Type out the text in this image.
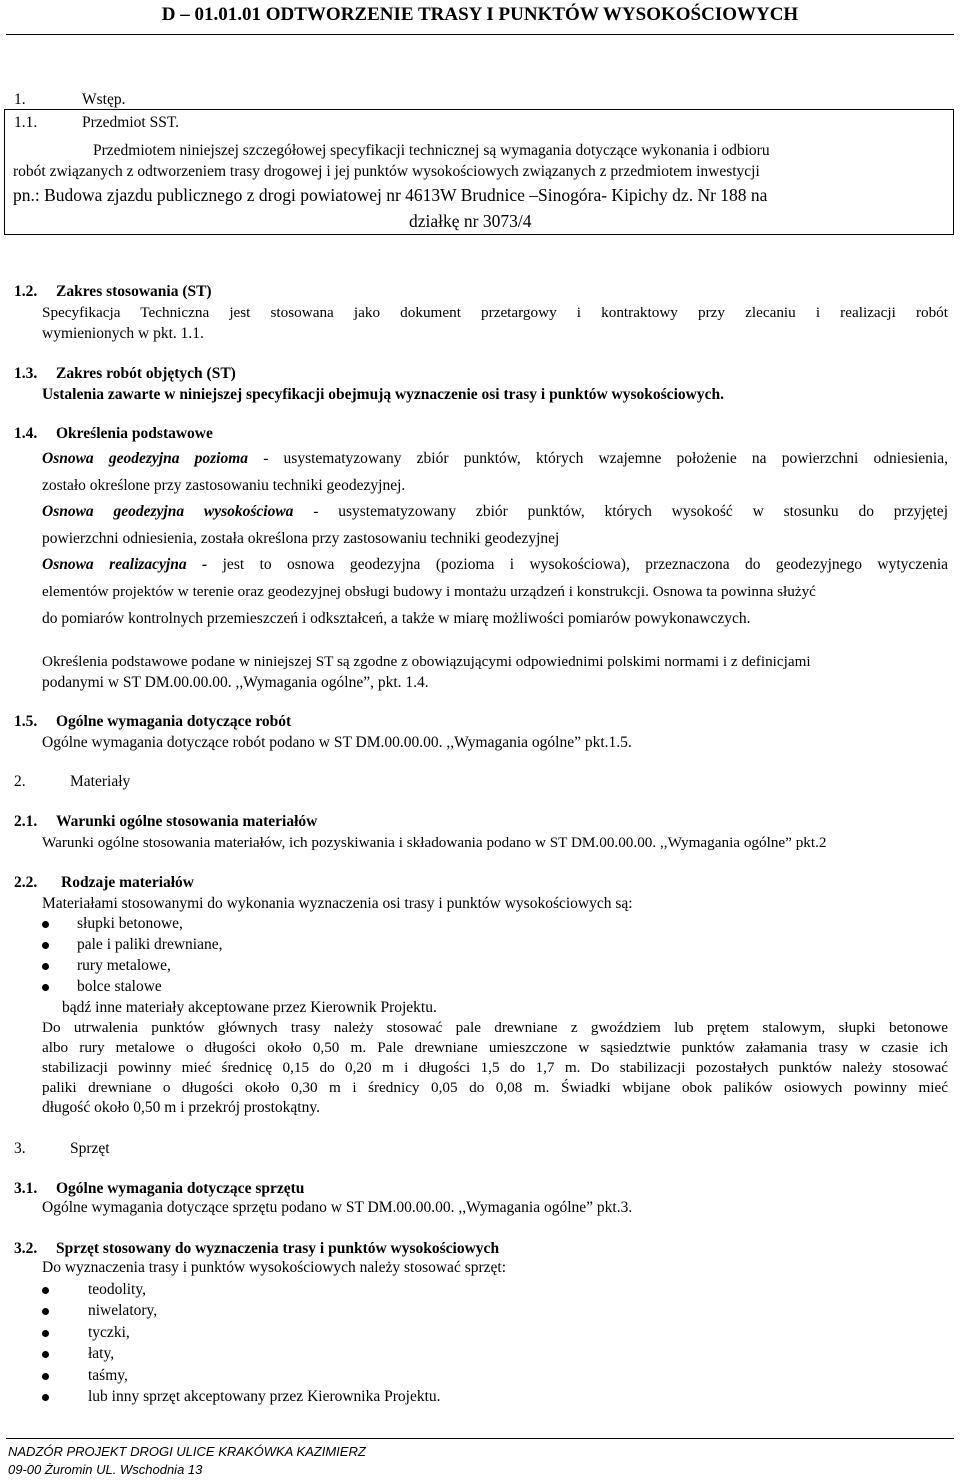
D – 01.01.01 ODTWORZENIE TRASY I PUNKTÓW WYSOKOŚCIOWYCH
1.	Wstęp.
1.1.	Przedmiot SST.
Przedmiotem niniejszej szczegółowej specyfikacji technicznej są wymagania dotyczące wykonania i odbioru
robót związanych z odtworzeniem trasy drogowej i jej punktów wysokościowych związanych z przedmiotem inwestycji
pn.: Budowa zjazdu publicznego z drogi powiatowej nr 4613W Brudnice –Sinogóra- Kipichy dz. Nr 188 na
działkę nr 3073/4
1.2. Zakres stosowania (ST)
Specyfikacja Techniczna jest stosowana jako dokument przetargowy i kontraktowy przy zlecaniu i realizacji robót
wymienionych w pkt. 1.1.
1.3. Zakres robót objętych (ST)
Ustalenia zawarte w niniejszej specyfikacji obejmują wyznaczenie osi trasy i punktów wysokościowych.
1.4. Określenia podstawowe
Osnowa geodezyjna pozioma - usystematyzowany zbiór punktów, których wzajemne położenie na powierzchni odniesienia,
zostało określone przy zastosowaniu techniki geodezyjnej.
Osnowa geodezyjna wysokościowa - usystematyzowany zbiór punktów, których wysokość w stosunku do przyjętej
powierzchni odniesienia, została określona przy zastosowaniu techniki geodezyjnej
Osnowa realizacyjna - jest to osnowa geodezyjna (pozioma i wysokościowa), przeznaczona do geodezyjnego wytyczenia
elementów projektów w terenie oraz geodezyjnej obsługi budowy i montażu urządzeń i konstrukcji. Osnowa ta powinna służyć
do pomiarów kontrolnych przemieszczeń i odkształceń, a także w miarę możliwości pomiarów powykonawczych.
Określenia podstawowe podane w niniejszej ST są zgodne z obowiązującymi odpowiednimi polskimi normami i z definicjami
podanymi w ST DM.00.00.00. ,,Wymagania ogólne”, pkt. 1.4.
1.5. Ogólne wymagania dotyczące robót
Ogólne wymagania dotyczące robót podano w ST DM.00.00.00. ,,Wymagania ogólne” pkt.1.5.
2.	Materiały
2.1. Warunki ogólne stosowania materiałów
Warunki ogólne stosowania materiałów, ich pozyskiwania i składowania podano w ST DM.00.00.00. ,,Wymagania ogólne” pkt.2
2.2. Rodzaje materiałów
Materiałami stosowanymi do wykonania wyznaczenia osi trasy i punktów wysokościowych są:
słupki betonowe,
pale i paliki drewniane,
rury metalowe,
bolce stalowe
bądź inne materiały akceptowane przez Kierownik Projektu.
Do utrwalenia punktów głównych trasy należy stosować pale drewniane z gwoździem lub prętem stalowym, słupki betonowe
albo rury metalowe o długości około 0,50 m. Pale drewniane umieszczone w sąsiedztwie punktów załamania trasy w czasie ich
stabilizacji powinny mieć średnicę 0,15 do 0,20 m i długości 1,5 do 1,7 m. Do stabilizacji pozostałych punktów należy stosować
paliki drewniane o długości około 0,30 m i średnicy 0,05 do 0,08 m. Świadki wbijane obok palików osiowych powinny mieć
długość około 0,50 m i przekrój prostokątny.
3.	Sprzęt
3.1. Ogólne wymagania dotyczące sprzętu
Ogólne wymagania dotyczące sprzętu podano w ST DM.00.00.00. ,,Wymagania ogólne” pkt.3.
3.2. Sprzęt stosowany do wyznaczenia trasy i punktów wysokościowych
Do wyznaczenia trasy i punktów wysokościowych należy stosować sprzęt:
teodolity,
niwelatory,
tyczki,
łaty,
taśmy,
lub inny sprzęt akceptowany przez Kierownika Projektu.
NADZÓR PROJEKT DROGI ULICE KRAKÓWKA KAZIMIERZ
09-00 Żuromin UL. Wschodnia 13
